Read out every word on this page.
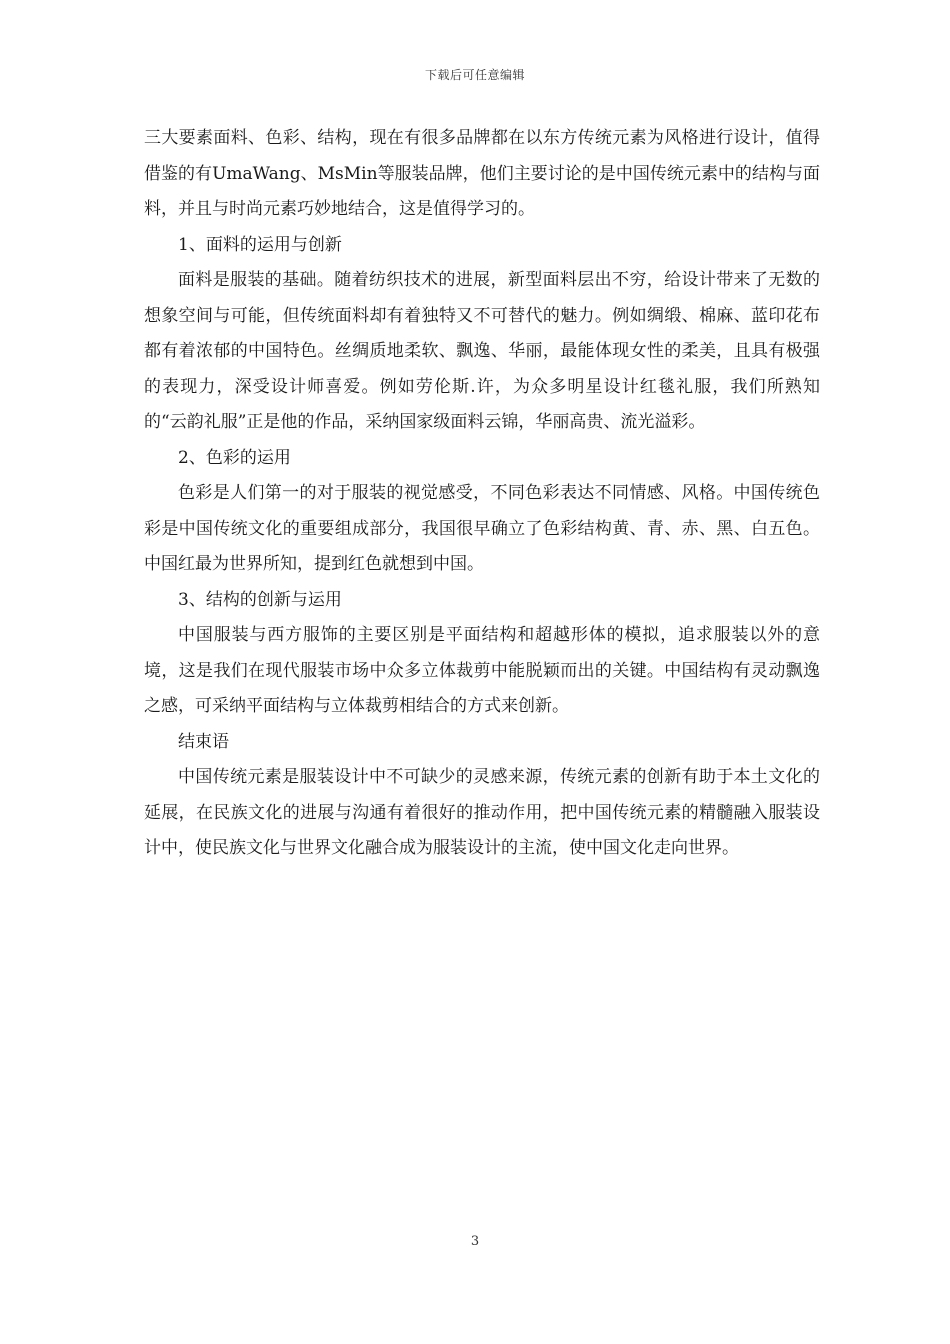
下载后可任意编辑

三大要素面料、色彩、结构，现在有很多品牌都在以东方传统元素为风格进行设计，值得借鉴的有UmaWang、MsMin等服装品牌，他们主要讨论的是中国传统元素中的结构与面料，并且与时尚元素巧妙地结合，这是值得学习的。

1、面料的运用与创新

面料是服装的基础。随着纺织技术的进展，新型面料层出不穷，给设计带来了无数的想象空间与可能，但传统面料却有着独特又不可替代的魅力。例如绸缎、棉麻、蓝印花布都有着浓郁的中国特色。丝绸质地柔软、飘逸、华丽，最能体现女性的柔美，且具有极强的表现力，深受设计师喜爱。例如劳伦斯.许，为众多明星设计红毯礼服，我们所熟知的“云韵礼服”正是他的作品，采纳国家级面料云锦，华丽高贵、流光溢彩。

2、色彩的运用

色彩是人们第一的对于服装的视觉感受，不同色彩表达不同情感、风格。中国传统色彩是中国传统文化的重要组成部分，我国很早确立了色彩结构黄、青、赤、黑、白五色。中国红最为世界所知，提到红色就想到中国。

3、结构的创新与运用

中国服装与西方服饰的主要区别是平面结构和超越形体的模拟，追求服装以外的意境，这是我们在现代服装市场中众多立体裁剪中能脱颖而出的关键。中国结构有灵动飘逸之感，可采纳平面结构与立体裁剪相结合的方式来创新。

结束语

中国传统元素是服装设计中不可缺少的灵感来源，传统元素的创新有助于本土文化的延展，在民族文化的进展与沟通有着很好的推动作用，把中国传统元素的精髓融入服装设计中，使民族文化与世界文化融合成为服装设计的主流，使中国文化走向世界。

3
